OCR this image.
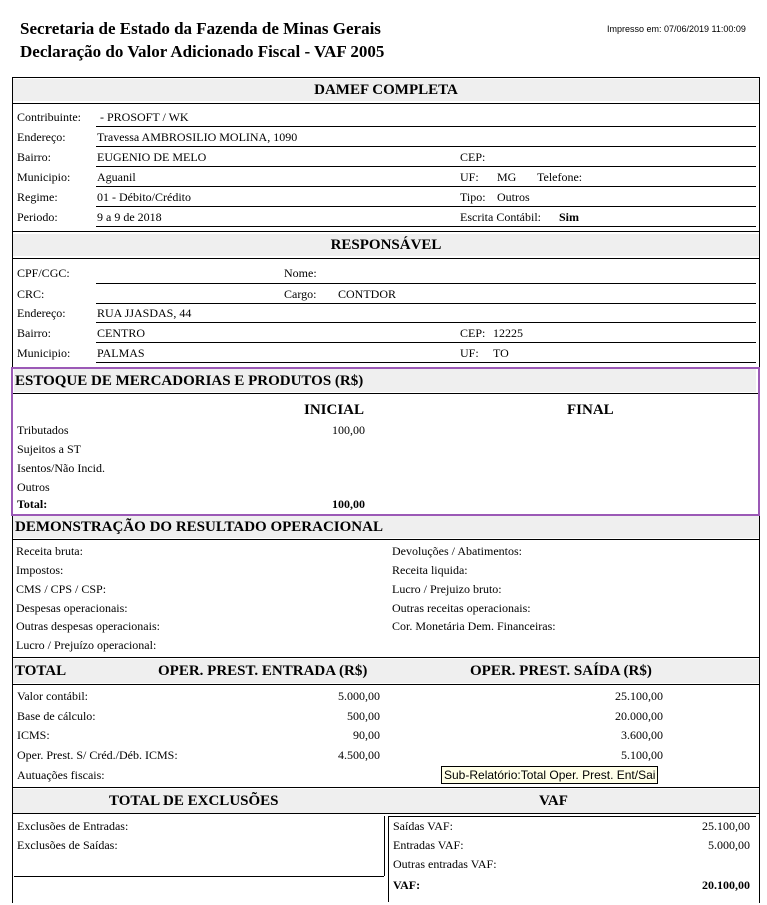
Secretaria de Estado da Fazenda de Minas Gerais
Declaração do Valor Adicionado Fiscal - VAF 2005
Impresso em: 07/06/2019 11:00:09
DAMEF COMPLETA
Contribuinte: - PROSOFT / WK
Endereço:	Travessa AMBROSILIO MOLINA, 1090
Bairro:	EUGENIO DE MELO	CEP:
Municipio: Aguanil	UF: MG Telefone:
Regime:	01 - Débito/Crédito	Tipo: Outros
Periodo:	9 a 9 de 2018	Escrita Contábil: Sim
RESPONSÁVEL
CPF/CGC:	Nome:
CRC:	Cargo: CONTDOR
Endereço:	RUA JJASDAS, 44
Bairro:	CENTRO	CEP: 12225
Municipio: PALMAS	UF: TO
ESTOQUE DE MERCADORIAS E PRODUTOS (R$)
INICIAL	FINAL
Tributados	100,00
Sujeitos a ST
Isentos/Não Incid.
Outros
Total:	100,00
DEMONSTRAÇÃO DO RESULTADO OPERACIONAL
Receita bruta:
Impostos:
CMS / CPS / CSP:
Despesas operacionais:
Outras despesas operacionais:
Lucro / Prejuízo operacional:
Devoluções / Abatimentos:
Receita liquida:
Lucro / Prejuizo bruto:
Outras receitas operacionais:
Cor. Monetária Dem. Financeiras:
TOTAL	OPER. PREST. ENTRADA (R$)	OPER. PREST. SAÍDA (R$)
Valor contábil:	5.000,00	25.100,00
Base de cálculo:	500,00	20.000,00
ICMS:	90,00	3.600,00
Oper. Prest. S/ Créd./Déb. ICMS:	4.500,00	5.100,00
Autuações fiscais:	Sub-Relatório:Total Oper. Prest. Ent/Sai
TOTAL DE EXCLUSÕES	VAF
Exclusões de Entradas:
Exclusões de Saídas:
Saídas VAF:	25.100,00
Entradas VAF:	5.000,00
Outras entradas VAF:
VAF:	20.100,00
